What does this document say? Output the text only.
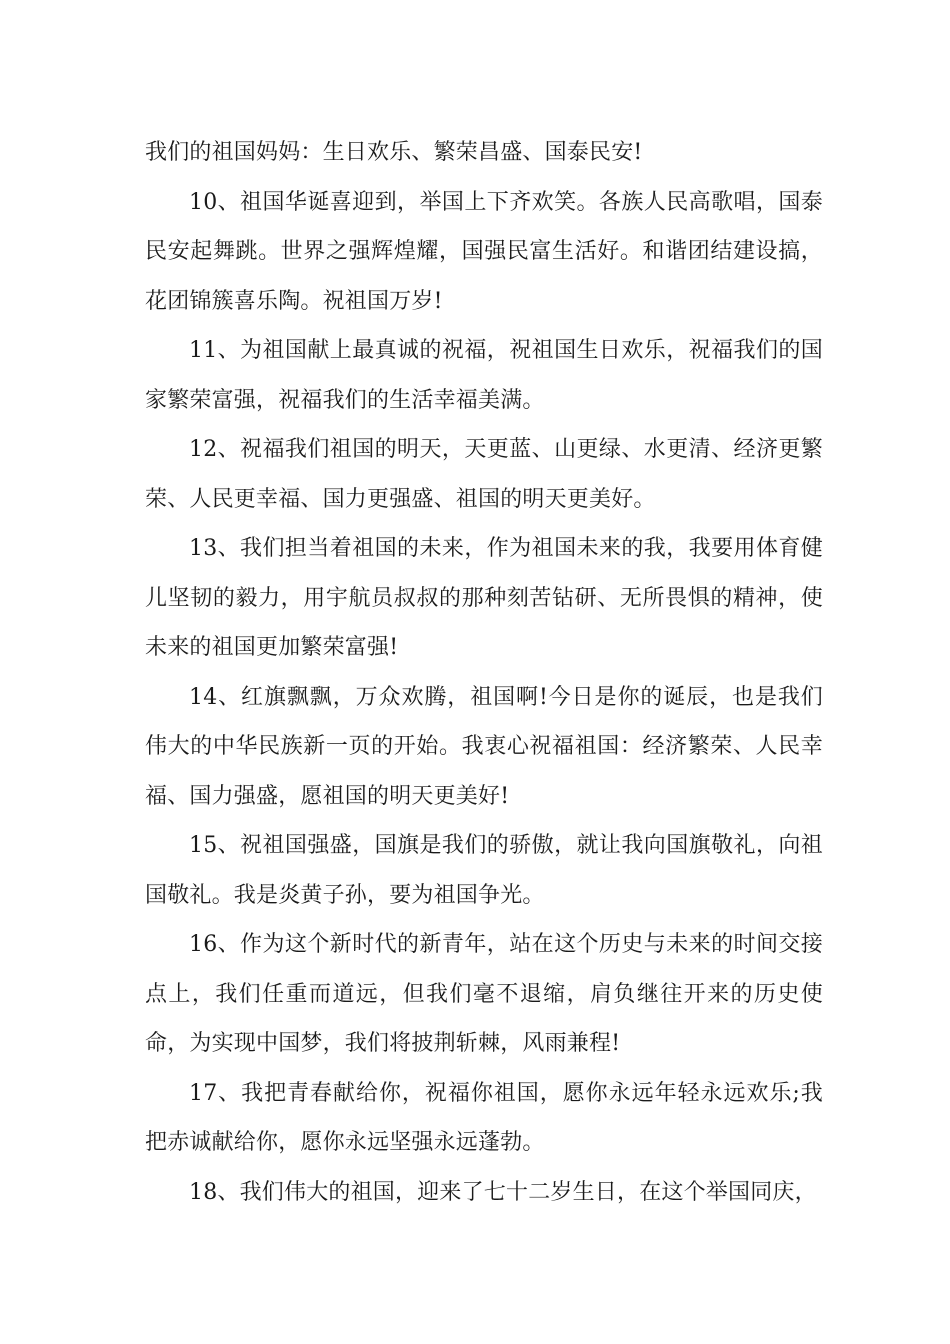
我们的祖国妈妈：生日欢乐、繁荣昌盛、国泰民安!

10、祖国华诞喜迎到，举国上下齐欢笑。各族人民高歌唱，国泰民安起舞跳。世界之强辉煌耀，国强民富生活好。和谐团结建设搞，花团锦簇喜乐陶。祝祖国万岁!

11、为祖国献上最真诚的祝福，祝祖国生日欢乐，祝福我们的国家繁荣富强，祝福我们的生活幸福美满。

12、祝福我们祖国的明天，天更蓝、山更绿、水更清、经济更繁荣、人民更幸福、国力更强盛、祖国的明天更美好。

13、我们担当着祖国的未来，作为祖国未来的我，我要用体育健儿坚韧的毅力，用宇航员叔叔的那种刻苦钻研、无所畏惧的精神，使未来的祖国更加繁荣富强!

14、红旗飘飘，万众欢腾，祖国啊!今日是你的诞辰，也是我们伟大的中华民族新一页的开始。我衷心祝福祖国：经济繁荣、人民幸福、国力强盛，愿祖国的明天更美好!

15、祝祖国强盛，国旗是我们的骄傲，就让我向国旗敬礼，向祖国敬礼。我是炎黄子孙，要为祖国争光。

16、作为这个新时代的新青年，站在这个历史与未来的时间交接点上，我们任重而道远，但我们毫不退缩，肩负继往开来的历史使命，为实现中国梦，我们将披荆斩棘，风雨兼程!

17、我把青春献给你，祝福你祖国，愿你永远年轻永远欢乐;我把赤诚献给你，愿你永远坚强永远蓬勃。

18、我们伟大的祖国，迎来了七十二岁生日，在这个举国同庆，
